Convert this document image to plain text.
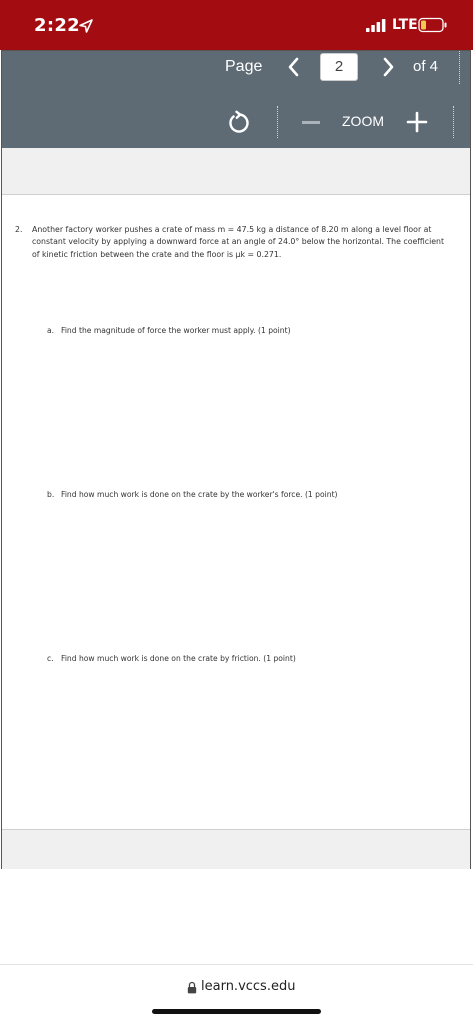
2:22	LTE
Page	2	of 4
ZOOM
2. Another factory worker pushes a crate of mass m = 47.5 kg a distance of 8.20 m along a level floor at constant velocity by applying a downward force at an angle of 24.0° below the horizontal. The coefficient of kinetic friction between the crate and the floor is μk = 0.271.
a. Find the magnitude of force the worker must apply. (1 point)
b. Find how much work is done on the crate by the worker's force. (1 point)
c. Find how much work is done on the crate by friction. (1 point)
learn.vccs.edu
